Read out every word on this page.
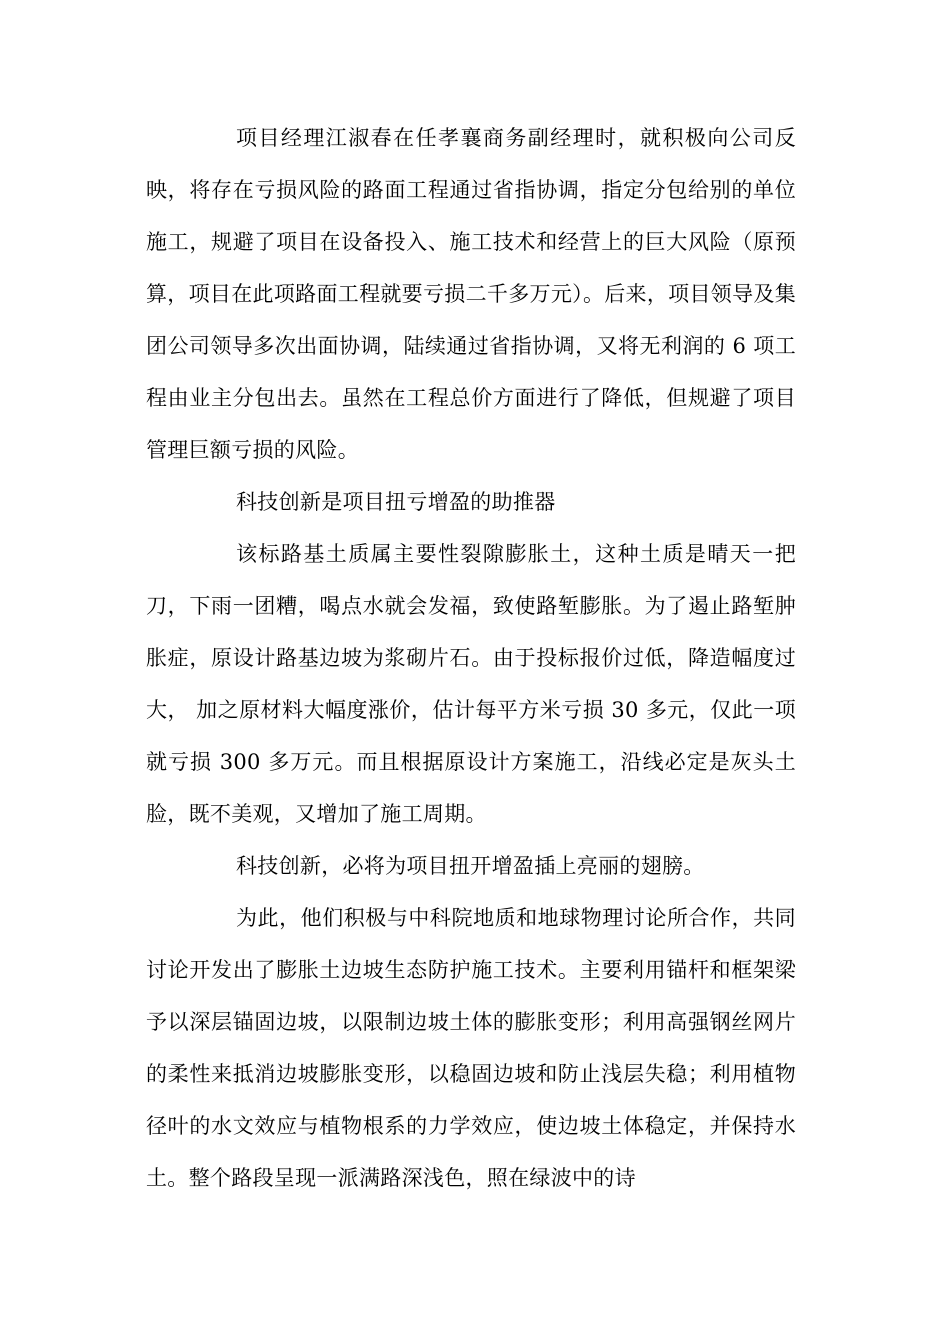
项目经理江淑春在任孝襄商务副经理时，就积极向公司反映，将存在亏损风险的路面工程通过省指协调，指定分包给别的单位施工，规避了项目在设备投入、施工技术和经营上的巨大风险（原预算，项目在此项路面工程就要亏损二千多万元）。后来，项目领导及集团公司领导多次出面协调，陆续通过省指协调，又将无利润的 6 项工程由业主分包出去。虽然在工程总价方面进行了降低，但规避了项目管理巨额亏损的风险。

科技创新是项目扭亏增盈的助推器

该标路基土质属主要性裂隙膨胀土，这种土质是晴天一把刀，下雨一团糟，喝点水就会发福，致使路堑膨胀。为了遏止路堑肿胀症，原设计路基边坡为浆砌片石。由于投标报价过低，降造幅度过大， 加之原材料大幅度涨价，估计每平方米亏损 30 多元，仅此一项就亏损 300 多万元。而且根据原设计方案施工，沿线必定是灰头土脸，既不美观，又增加了施工周期。

科技创新，必将为项目扭开增盈插上亮丽的翅膀。

为此，他们积极与中科院地质和地球物理讨论所合作，共同讨论开发出了膨胀土边坡生态防护施工技术。主要利用锚杆和框架梁予以深层锚固边坡，以限制边坡土体的膨胀变形；利用高强钢丝网片的柔性来抵消边坡膨胀变形，以稳固边坡和防止浅层失稳；利用植物径叶的水文效应与植物根系的力学效应，使边坡土体稳定，并保持水土。整个路段呈现一派满路深浅色，照在绿波中的诗
